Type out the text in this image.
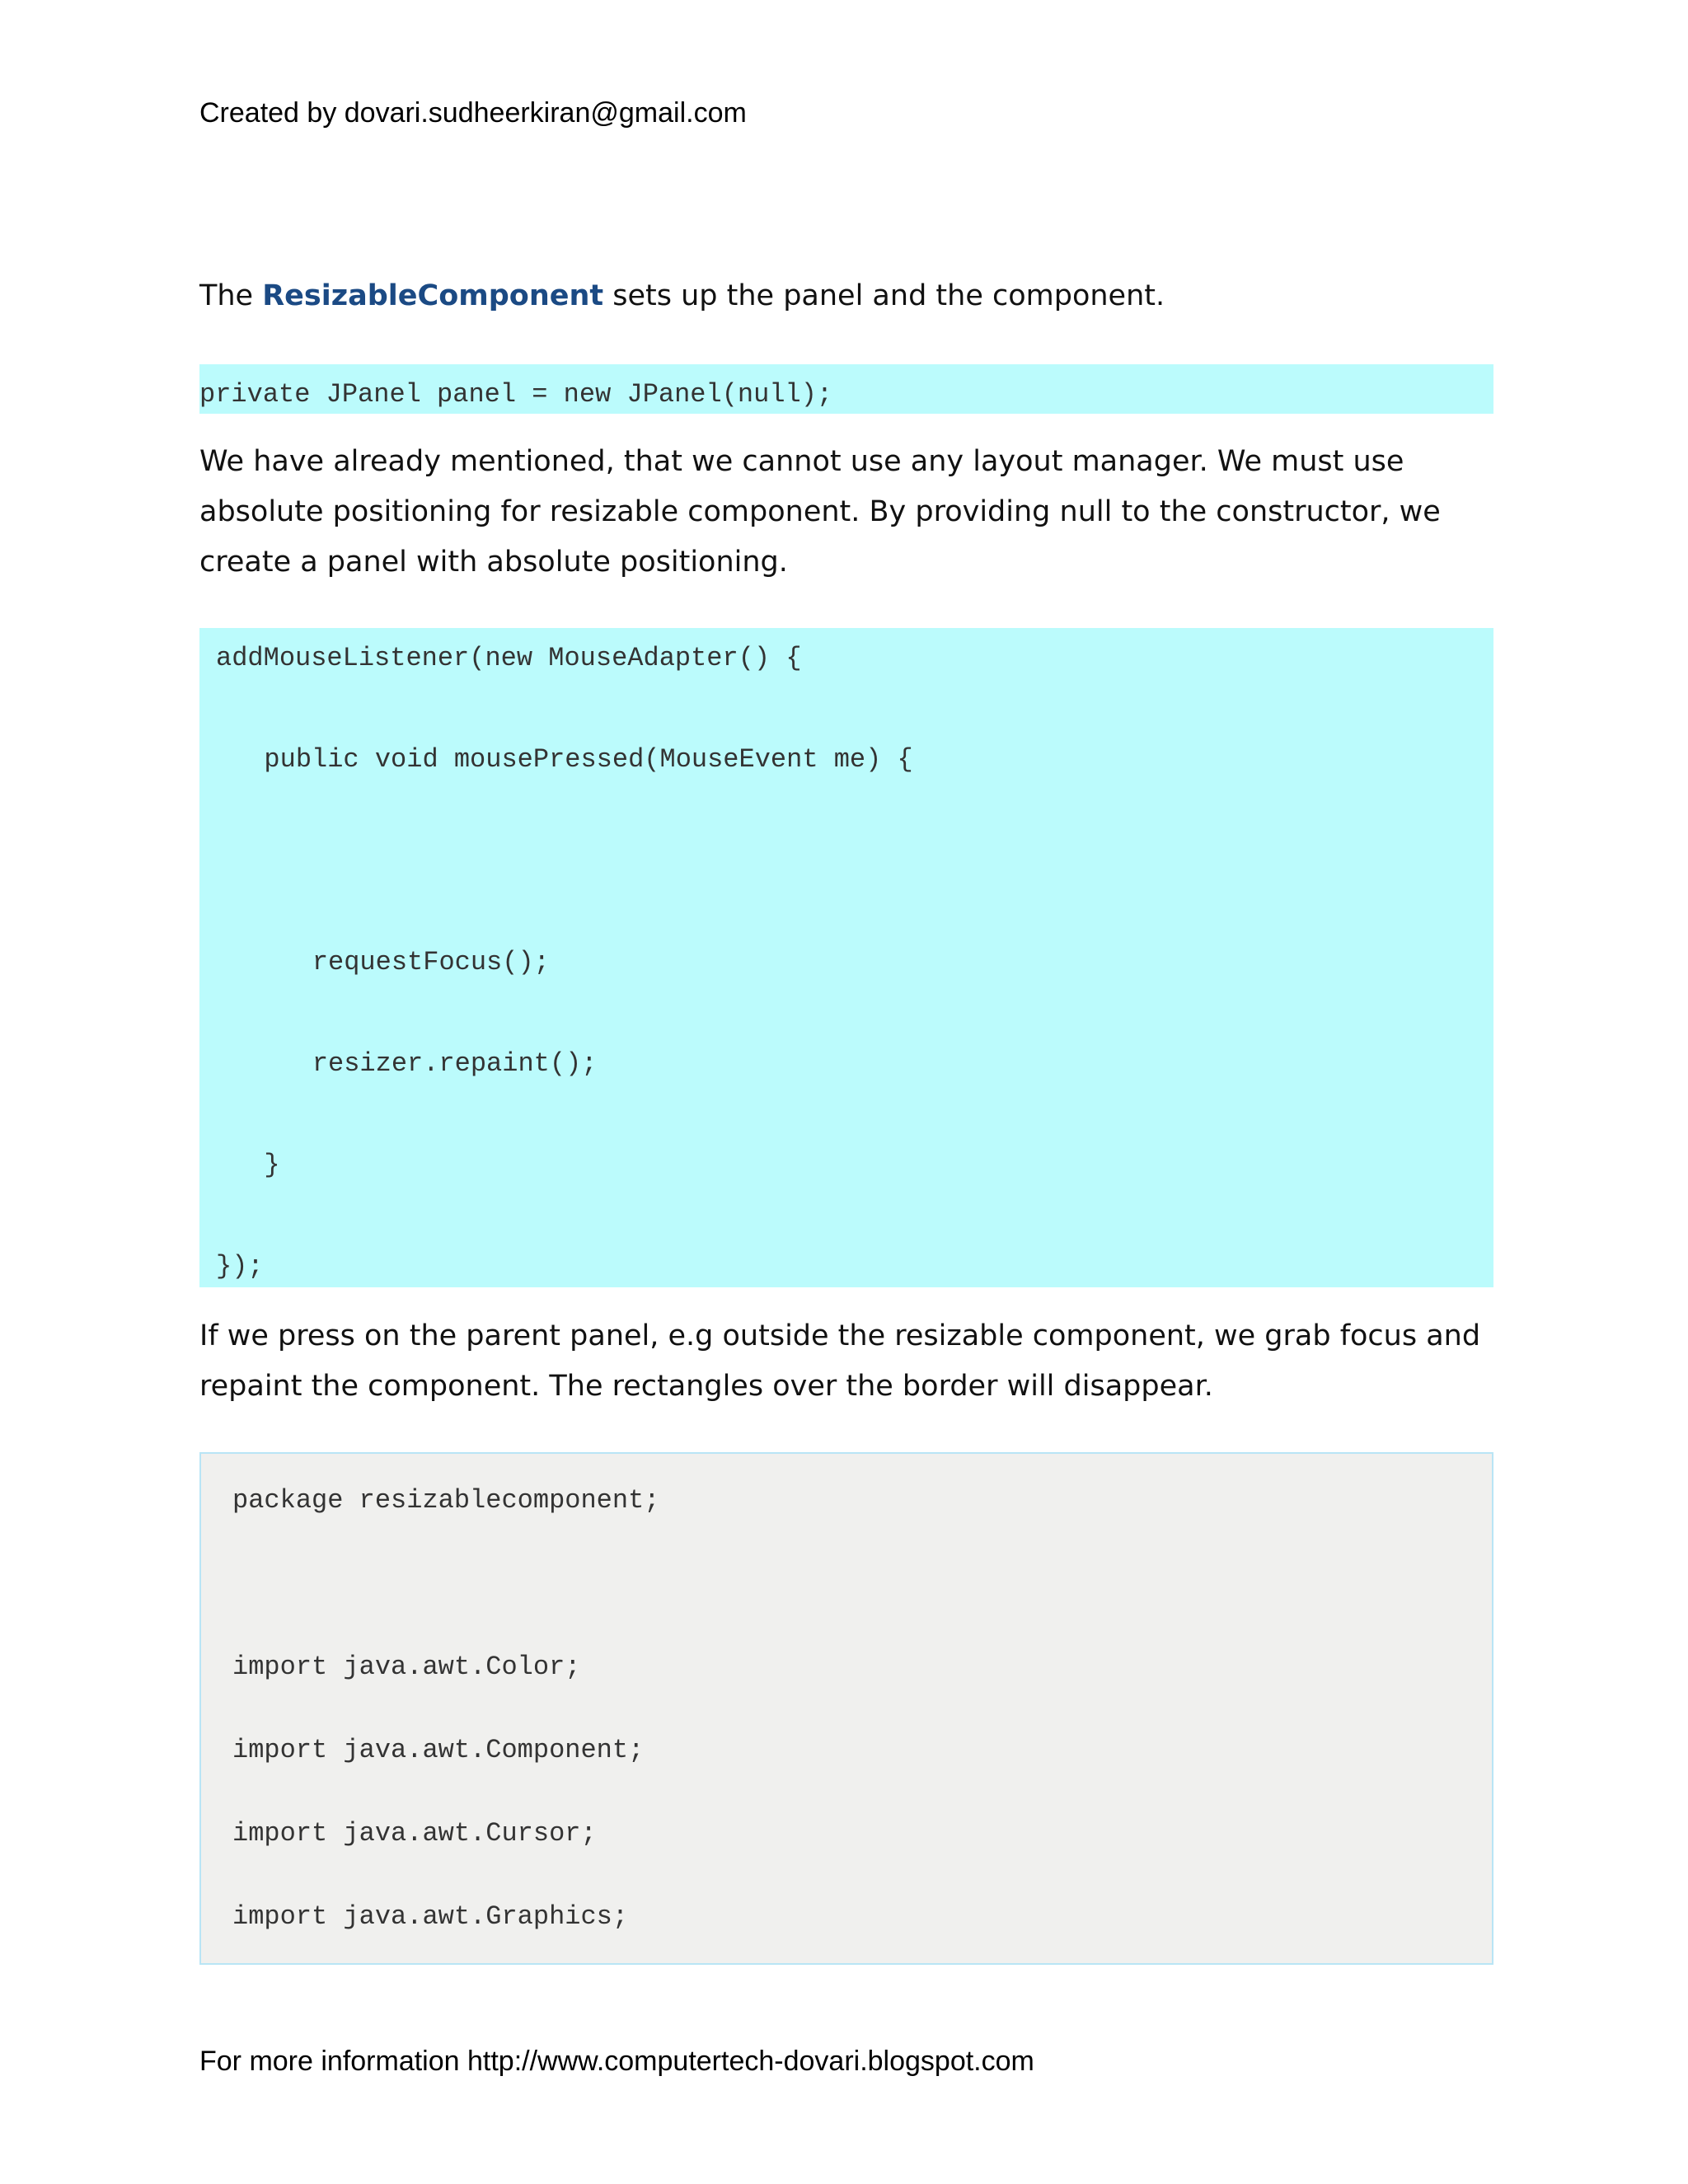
Created by dovari.sudheerkiran@gmail.com
The ResizableComponent sets up the panel and the component.
private JPanel panel = new JPanel(null);
We have already mentioned, that we cannot use any layout manager. We must use absolute positioning for resizable component. By providing null to the constructor, we create a panel with absolute positioning.
addMouseListener(new MouseAdapter() {
public void mousePressed(MouseEvent me) {
requestFocus();
resizer.repaint();
}
});
If we press on the parent panel, e.g outside the resizable component, we grab focus and repaint the component. The rectangles over the border will disappear.
package resizablecomponent;
import java.awt.Color;
import java.awt.Component;
import java.awt.Cursor;
import java.awt.Graphics;
For more information http://www.computertech-dovari.blogspot.com
